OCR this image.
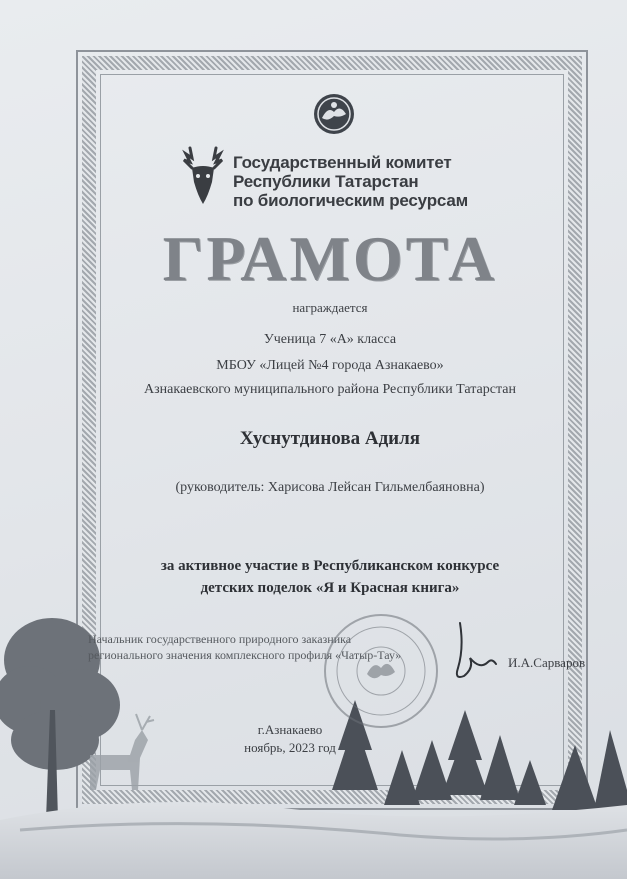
Государственный комитет
Республики Татарстан
по биологическим ресурсам
ГРАМОТА
награждается
Ученица 7 «А» класса
МБОУ «Лицей №4 города Азнакаево»
Азнакаевского муниципального района Республики Татарстан
Хуснутдинова Адиля
(руководитель: Харисова Лейсан Гильмелбаяновна)
за активное участие в Республиканском конкурсе
детских поделок «Я и Красная книга»
Начальник государственного природного заказника
регионального значения комплексного профиля «Чатыр-Тау»	И.А.Сарваров
г.Азнакаево
ноябрь, 2023 год
